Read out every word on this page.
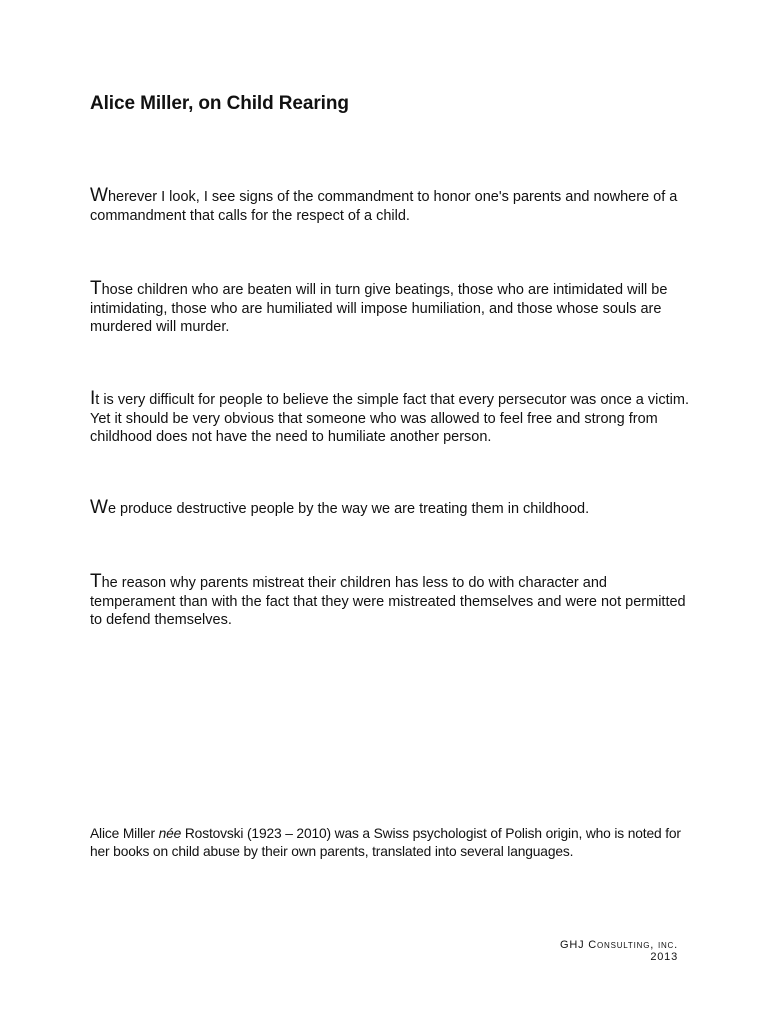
Alice Miller, on Child Rearing

Wherever I look, I see signs of the commandment to honor one's parents and nowhere of a commandment that calls for the respect of a child.

Those children who are beaten will in turn give beatings, those who are intimidated will be intimidating, those who are humiliated will impose humiliation, and those whose souls are murdered will murder.

It is very difficult for people to believe the simple fact that every persecutor was once a victim. Yet it should be very obvious that someone who was allowed to feel free and strong from childhood does not have the need to humiliate another person.

We produce destructive people by the way we are treating them in childhood.

The reason why parents mistreat their children has less to do with character and temperament than with the fact that they were mistreated themselves and were not permitted to defend themselves.

Alice Miller née Rostovski (1923 – 2010) was a Swiss psychologist of Polish origin, who is noted for her books on child abuse by their own parents, translated into several languages.

GHJ Consulting, inc.
2013
